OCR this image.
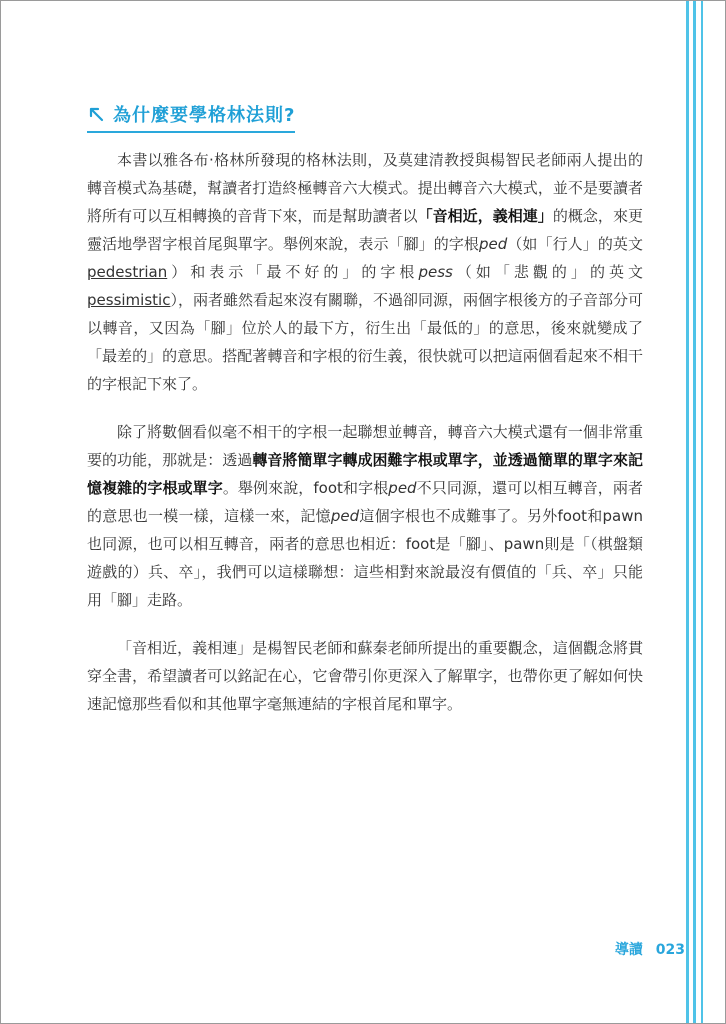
為什麼要學格林法則?

本書以雅各布‧格林所發現的格林法則，及莫建清教授與楊智民老師兩人提出的轉音模式為基礎，幫讀者打造終極轉音六大模式。提出轉音六大模式，並不是要讀者將所有可以互相轉換的音背下來，而是幫助讀者以「音相近，義相連」的概念，來更靈活地學習字根首尾與單字。舉例來說，表示「腳」的字根ped（如「行人」的英文pedestrian）和表示「最不好的」的字根pess（如「悲觀的」的英文pessimistic），兩者雖然看起來沒有關聯，不過卻同源，兩個字根後方的子音部分可以轉音，又因為「腳」位於人的最下方，衍生出「最低的」的意思，後來就變成了「最差的」的意思。搭配著轉音和字根的衍生義，很快就可以把這兩個看起來不相干的字根記下來了。

除了將數個看似毫不相干的字根一起聯想並轉音，轉音六大模式還有一個非常重要的功能，那就是：透過轉音將簡單字轉成困難字根或單字，並透過簡單的單字來記憶複雜的字根或單字。舉例來說，foot和字根ped不只同源，還可以相互轉音，兩者的意思也一模一樣，這樣一來，記憶ped這個字根也不成難事了。另外foot和pawn也同源，也可以相互轉音，兩者的意思也相近：foot是「腳」、pawn則是「（棋盤類遊戲的）兵、卒」，我們可以這樣聯想：這些相對來說最沒有價值的「兵、卒」只能用「腳」走路。

「音相近，義相連」是楊智民老師和蘇秦老師所提出的重要觀念，這個觀念將貫穿全書，希望讀者可以銘記在心，它會帶引你更深入了解單字，也帶你更了解如何快速記憶那些看似和其他單字毫無連結的字根首尾和單字。

導讀 023
